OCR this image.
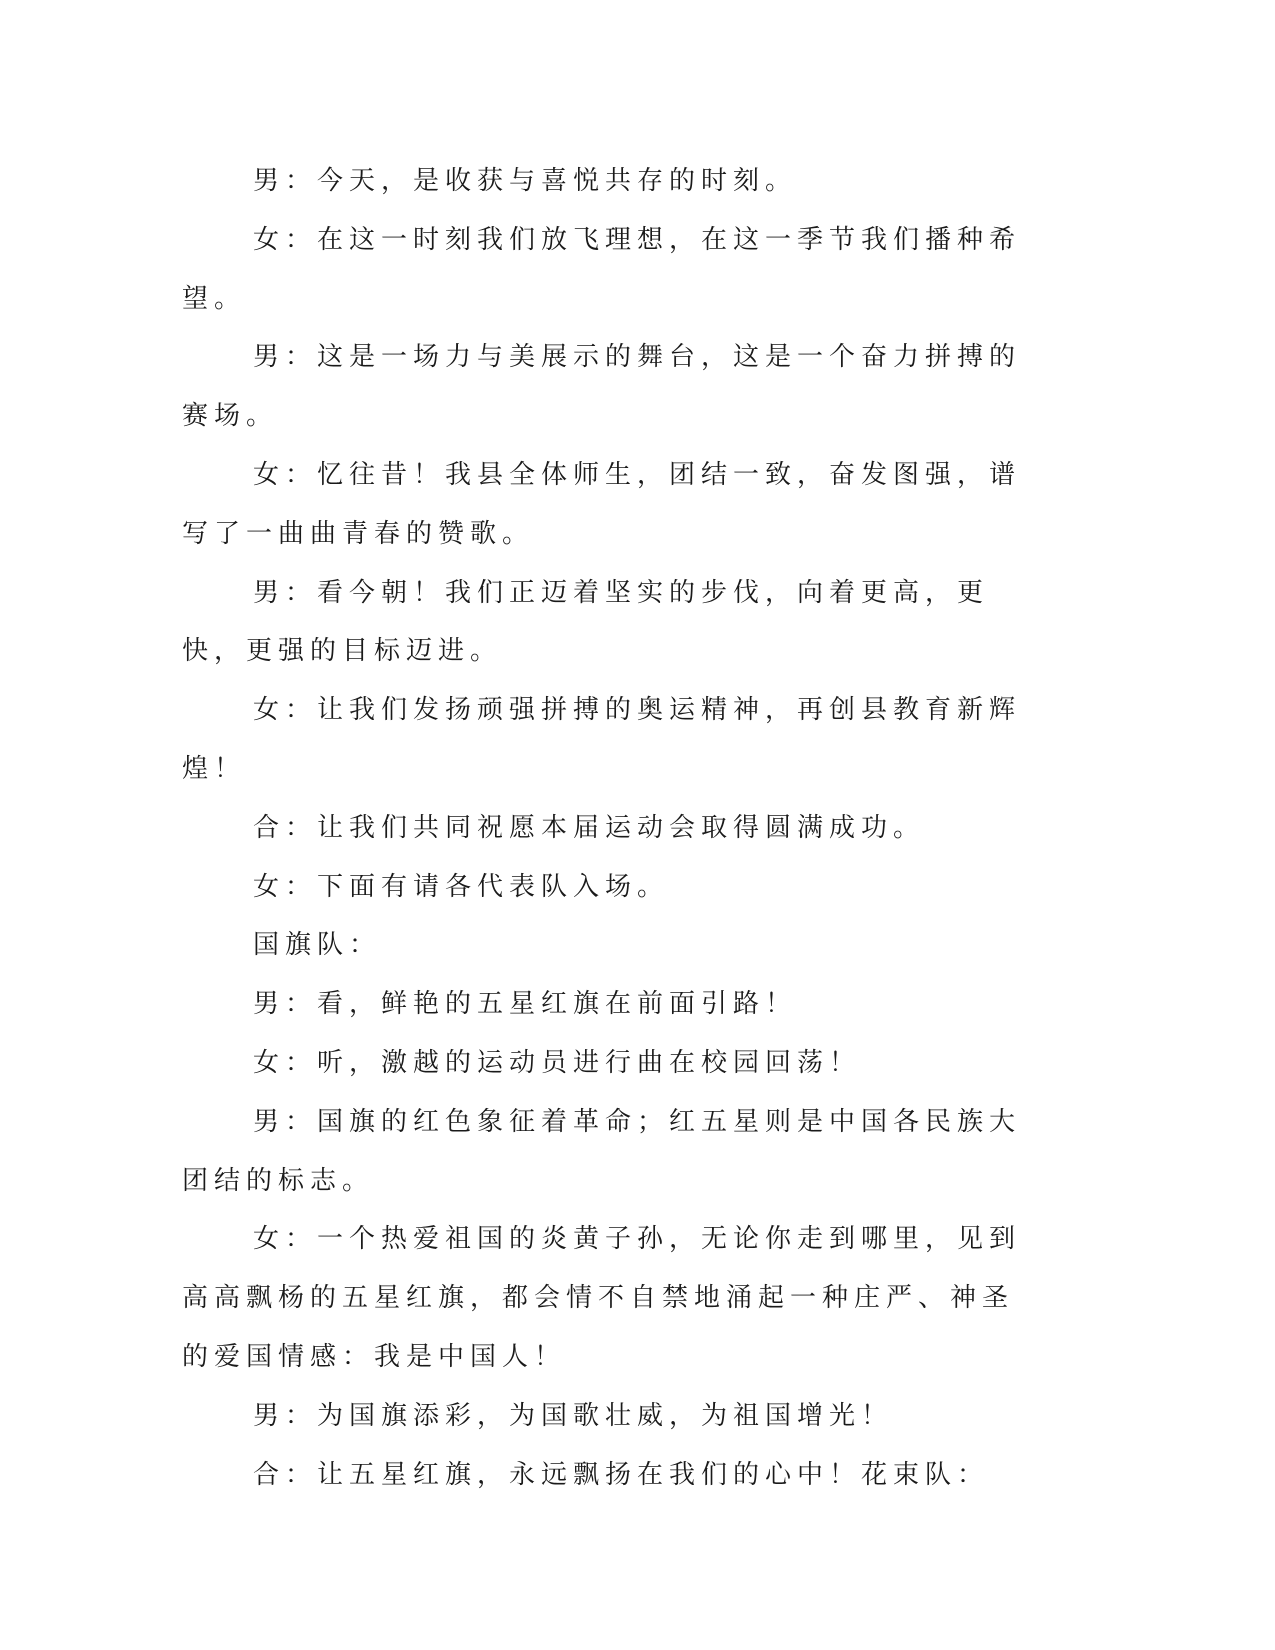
男：今天，是收获与喜悦共存的时刻。

女：在这一时刻我们放飞理想，在这一季节我们播种希望。

男：这是一场力与美展示的舞台，这是一个奋力拼搏的赛场。

女：忆往昔！我县全体师生，团结一致，奋发图强，谱写了一曲曲青春的赞歌。

男：看今朝！我们正迈着坚实的步伐，向着更高，更快，更强的目标迈进。

女：让我们发扬顽强拼搏的奥运精神，再创县教育新辉煌！

合：让我们共同祝愿本届运动会取得圆满成功。

女：下面有请各代表队入场。

国旗队：

男：看，鲜艳的五星红旗在前面引路！

女：听，激越的运动员进行曲在校园回荡！

男：国旗的红色象征着革命；红五星则是中国各民族大团结的标志。

女：一个热爱祖国的炎黄子孙，无论你走到哪里，见到高高飘杨的五星红旗，都会情不自禁地涌起一种庄严、神圣的爱国情感：我是中国人！

男：为国旗添彩，为国歌壮威，为祖国增光！

合：让五星红旗，永远飘扬在我们的心中！花束队：
